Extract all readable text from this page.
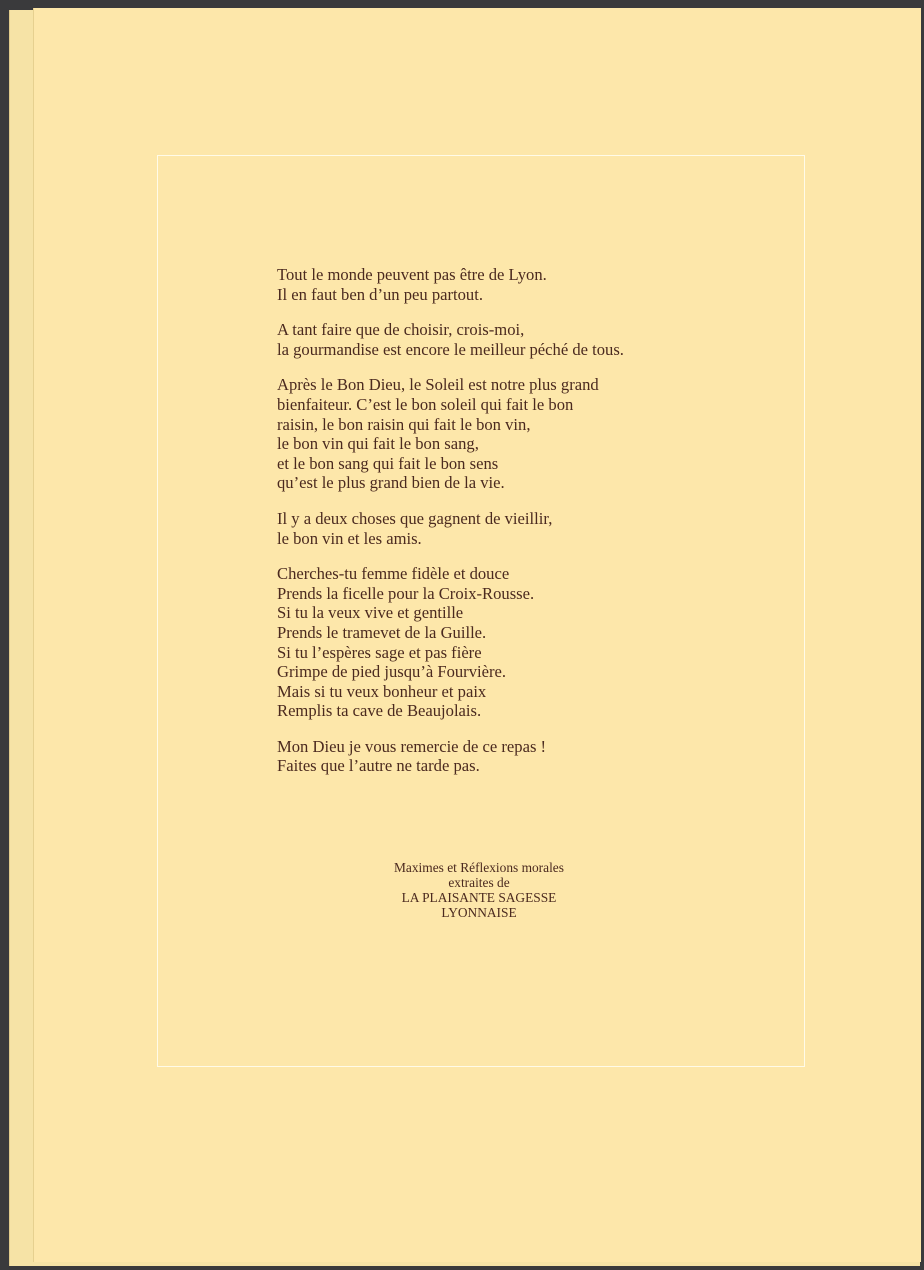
Tout le monde peuvent pas être de Lyon.
Il en faut ben d’un peu partout.
A tant faire que de choisir, crois-moi,
la gourmandise est encore le meilleur péché de tous.
Après le Bon Dieu, le Soleil est notre plus grand
bienfaiteur. C’est le bon soleil qui fait le bon
raisin, le bon raisin qui fait le bon vin,
le bon vin qui fait le bon sang,
et le bon sang qui fait le bon sens
qu’est le plus grand bien de la vie.
Il y a deux choses que gagnent de vieillir,
le bon vin et les amis.
Cherches-tu femme fidèle et douce
Prends la ficelle pour la Croix-Rousse.
Si tu la veux vive et gentille
Prends le tramevet de la Guille.
Si tu l’espères sage et pas fière
Grimpe de pied jusqu’à Fourvière.
Mais si tu veux bonheur et paix
Remplis ta cave de Beaujolais.
Mon Dieu je vous remercie de ce repas !
Faites que l’autre ne tarde pas.
Maximes et Réflexions morales
extraites de
LA PLAISANTE SAGESSE
LYONNAISE
